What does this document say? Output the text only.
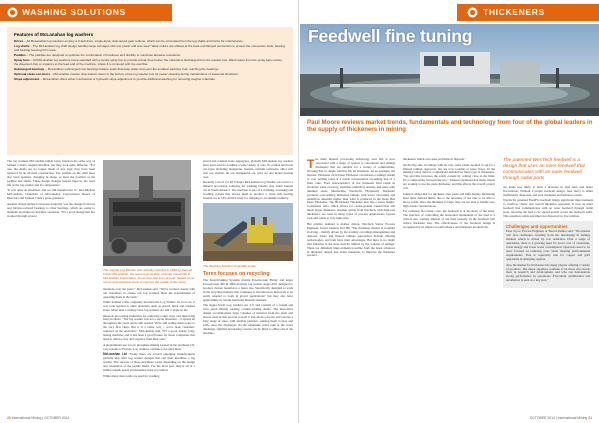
WASHING SOLUTIONS
Features of McLanahan log washers

Drives – All McLanahan log washers employ a V-belt drive, single-input, dual-output gear reducer, which can be uncoupled from the log shafts and frame for maintenance.

Log shafts – The McLanahan log shaft design handles large tonnages with low power and less wear. Wear collars are utilised at the feed-end flanged connection to protect the connection bolts, bearing and bearing housing from wear.

Paddles – The paddles are designed to optimise the combination of hardness and ductility to maximise abrasive resistance.

Spray bars – All McLanahan log washers come standard with a centre spray bar to provide a final rinse before the material is discharged from the washer box. Wash water from the spray bars carries the dissolved clay or organics to the feed end of the machine, where it is removed with the overflow.

Submerged bearings – McLanahan submerged rear bearings feature seals that keep water and even the smallest particles from reaching the bearings.

Optional clean-out doors – McLanahan custom drop-bottom doors in the bottom of the log washer box for easier cleaning during maintenance or seasonal shutdown.

Slope adjustment – McLanahan offers either mechanical or hydraulic slope adjustment to provide additional washing for removing tougher materials.

The log washers McLanahan builds today function the same way as Samuel Cable's original machine, but they look quite different. "For one, the shafts are no longer made of tree logs; they have been replaced by an all-steel construction. The paddles on the shaft have also been updated, changing in shape, as have the position of the paddles and shafts. These design changes helped improve the wear life of the log washer and its components."

"It was quite an invention, and we still manufacture it," said Michael McLanahan, Chairman of McLanahan Corporation's Board of Directors and Samuel Cable's great-grandson.

Another design update to increase longevity was the change from box and friction-collared bearings to roller bearings, which are easier to maintain and improve machine operation. "It's a good design that has worked through several

The original Log Washer was actually invented in 1835 by Samuel Calvin McLanahan, the second generation of family ownership in McLanahan Corporation. To remove clay from ground, helped some of iron and extracted stone to improve the quality of the stone.

iterations over the years," McLanahan said. "We've worked closely with our customers to ensure our log washers meet the requirements of operating them in the field."

While Samuel Cable originally invented the Log Washer for iron ore, it was soon applied to other materials, such as gravel, brick and crushed stone. More than a century later, log washers are still a staple in the

minerals processing industries for removing tough clays and improving final products. "The log washer was not a secret invention – it spread all throughout the years and is still needed. We're still selling them today to the very first cities. But it is a better way – we've been customer-centered on the operation," McLanahan said. "It's a good, sturdy, long-lasting machine, and it has been a good fixture for those companies that need to remove clay and organics from their ores."

A predominant use is now phosphate mining located in the northeast US, very notable is Florida. Log washers continue to be used there.

McLanahan Ltd "Today there are several emerging manufacturers globally that offer log washer designs that call their machines a log washer. The success of those machines varies depending on the design and orientation of the paddle shafts. For the most part, they're all of a similar length, speed and installed slope or position.

While many more units are used for washing

gravel and crushed stone aggregates, globally McLanahan log washers have been sold for washing a wide variety of ores. To combat hard rock ore types including manganite, bauxite, calcium carbonate, silica rich iron ore, marble, tin ore, manganese ore, gold ore and nickel bearing ores.

Recently a set of 2 x 48 ft Super McLanahan Log Washer was sold to a mineral processing company for washing bauxite clay laden bauxite ore in South America. The machine is part of a crushing, screening and washing system that allows them to produce a clean rich bearing bauxite ore at 53% Al2O3 ready for shipping to an alumina refinery.

The Washing Solution of sandfin screw
Terex focuses on recycling

The TerexWashing Systems mobile Powerscreen Finlay and larger Powerscreen 400 & 4000 modular log washer Aggre-Pact designed to produce cleaner material at a faster rate. Specifically designed to work in the recycling industry that continues to become more important to be easily adapted to work in gravel applications" but they also have applicability in certain industrial minerals markets.

The Aggre-Scrub Log washers are 4 ft and consists of a trough and twin spiral mixing rotating counter-rotating shafts. The innovative design accommodates large volumes of material from the plant and moves used in this process to hold it and allows process and tolerate a long range of sizes, with suitable particles, causing them to float and settle once the discharges via the adjustable water rake or the water discharge. Optimal dewatering screens can be fitted to either end of the machine.

20 International Mining | OCTOBER 2014
THICKENERS
Feedwell fine tuning
Paul Moore reviews market trends, fundamentals and technology from four of the global leaders in the supply of thickeners in mining
T he main mineral processing technology area that is now associated with a range of options is concentrate and tailings thickeners that are suitable for a variety of commodities, showing that no single solution fits all situations. As an example, the Outotec Thickener 2014 Paste Thickener can thicken a tailings stream to over settling point at a solids concentration exceeding that of a filter cake. Feed characteristics of the thickener feed result in moderate water recovery, equalises underflow density, and paste with minimal stress. Meanwhile, WesTech's Hi-Density Thickener produces over-settling thickened tailings with lower viscosities and underflow densities higher than what is produced in the Deep Bed Paste Thickener. The Hi-Density Thickener also has a lower height-to-diameter ratio, which allows for on-the-ground construction and much larger diameters. Another option from WesTech, with high-rate thickeners, are used in many types of process applications, bypass rock and solids at very high rates.

But relative demand is market driven. WesTech Senior Process Engineer, Jerald Johnson told IM: "The thickener market is certainly evolving – mainly driven by the scrutiny on tailings management and disposal. Paste and filtered tailings approaches include offering technologies, and both have their advantages. But there is no doubt that filtration is the most heavily limited by the volume of tailings. There are definitely improvements possible from the latest advances in thickener design and better materials, to improve the thickener product.

thickeners which can cause problems in disposal."

On the flip side, in tailings with its own, some plants decided to opt for a filtered tailings approach, but are now looking at paste flows. In the industry today there is a significant demand for these type of thickeners. "We said that increases the solids content by coming close to the limit. It's a compromise between the two." Johnson explained that many clients are looking to use the paste thickener, and this affects the overall project cost.

Johnson added that for thickener size, paste and high density thickening have quite defined limits, due to the necessity of the rake to be able to move solids. Once the thickener is large, they are not able to handle very high solids concentrations.

For reducing flocculant costs, the feedwell is at the heart of the issue. The function of controlling the horizontal momentum of the feed is a critical one. Getting dilution of the feed properly in the feedwell will reduce thickener size. The effectiveness of the feedwell design is recognised by its impact on performance and thickener productivity.

The patented WesTech feedwell is a design that uses an inner feedwell that communicates with an outer feedwell through radial ports

ore made less likely to have a decrease in feed rates and better flocculation. Without a proper feedwell design, feed slurry is either inefficiently dispersed, and poor thickener performance results.

WesTech's patented EvenFlo feedwell brings significant improvements to overflow clarity and overall thickener operation. It uses an inner feedwell that communicates with an outer feedwell through radial ports, allowing the feed to be spread evenly across the feedwell walls. This equalises solids and improves dispersal for flocculation.

Challenges and opportunities

Peter Joyce, Process Engineer, at Tenova Delkor said: "The market will face challenges resulting from the developing in tailings markets which is driven by cost reduction. Over a range of operations, there is a growing need for lower cost of ownership, lower energy and lower water consumption. Operators need to be more focused on reducing costs while meeting environmental requirements. This is especially true for copper and gold operations in emerging regions.

Also the market for thickeners has many players offering a variety of products. The major suppliers continue to be those who invest most in research and development, and who can demonstrate strong performance in operations. Flocculant optimisation and automation is seen as a key area."

OCTOBER 2014 | International Mining 21
